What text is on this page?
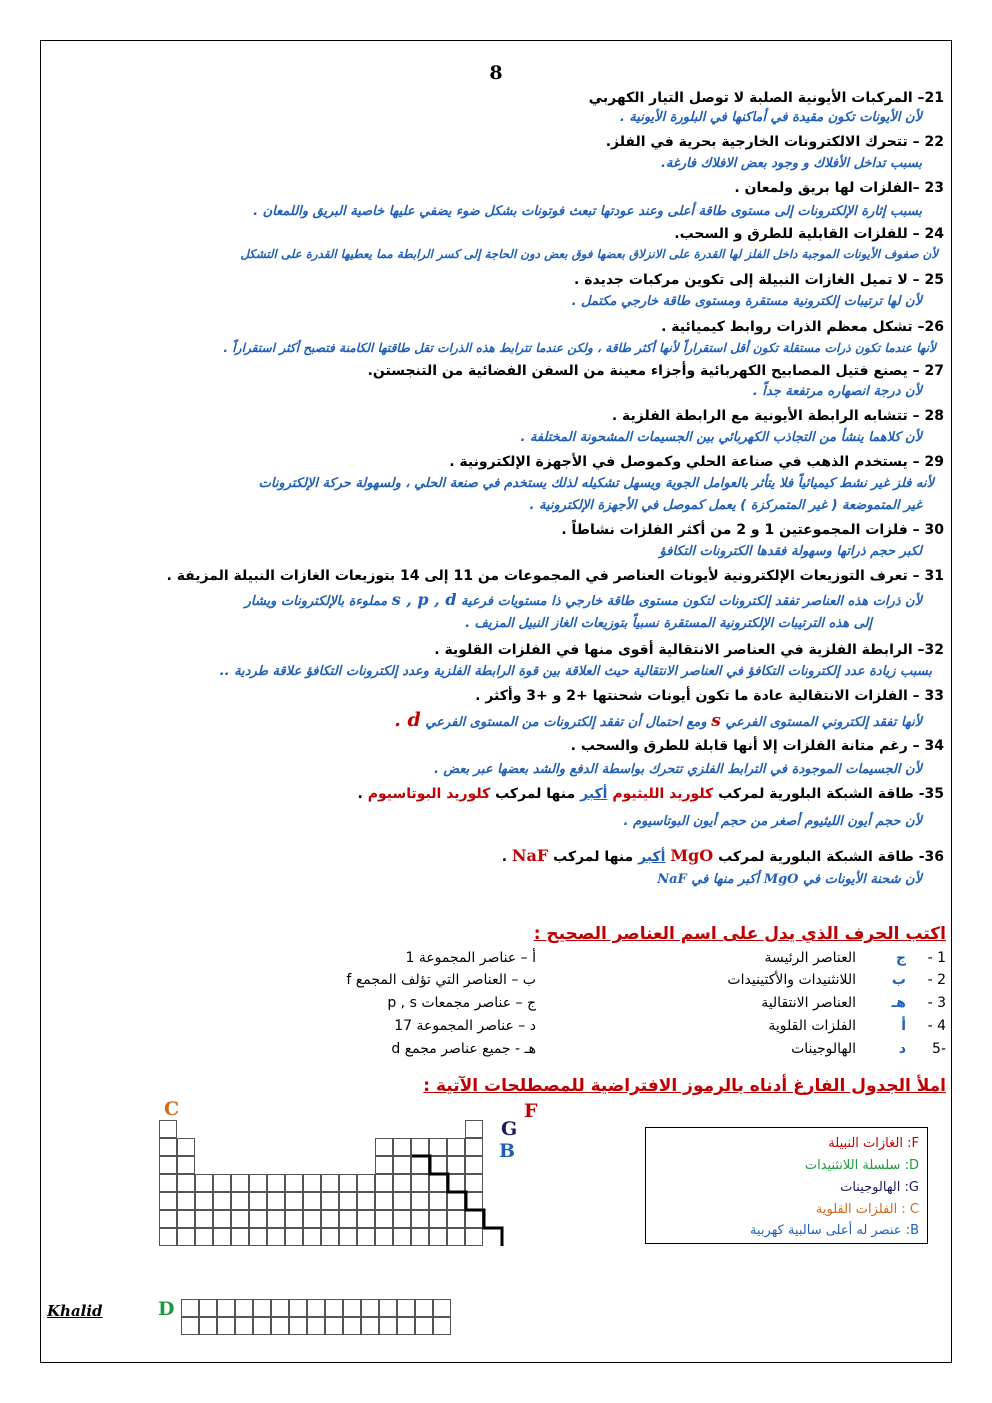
8
21– المركبات الأيونية الصلبة لا توصل التيار الكهربي
لأن الأيونات تكون مقيدة في أماكنها في البلورة الأيونية .
22 – تتحرك الالكترونات الخارجية بحرية في الفلز.
بسبب تداخل الأفلاك و وجود بعض الافلاك فارغة.
23 –الفلزات لها بريق ولمعان .
بسبب إثارة الإلكترونات إلى مستوى طاقة أعلى وعند عودتها تبعث فوتونات بشكل ضوء يضفي عليها خاصية البريق واللمعان .
24 – للفلزات القابلية للطرق و السحب.
لأن صفوف الأيونات الموجبة داخل الفلز لها القدرة على الانزلاق بعضها فوق بعض دون الحاجة إلى كسر الرابطة مما يعطيها القدرة على التشكل
25 – لا تميل الغازات النبيلة إلى تكوين مركبات جديدة .
لأن لها ترتيبات إلكترونية مستقرة ومستوى طاقة خارجي مكتمل .
26– تشكل معظم الذرات روابط كيميائية .
لأنها عندما تكون ذرات مستقلة تكون أقل استقراراً لأنها أكثر طاقة ، ولكن عندما تترابط هذه الذرات تقل طاقتها الكامنة فتصبح أكثر استقراراً .
27 – يصنع فتيل المصابيح الكهربائية وأجزاء معينة من السفن الفضائية من التنجستن.
لأن درجة انصهاره مرتفعة جداً .
28 – تتشابه الرابطة الأيونية مع الرابطة الفلزية .
لأن كلاهما ينشأ من التجاذب الكهربائي بين الجسيمات المشحونة المختلفة .
29 – يستخدم الذهب في صناعة الحلي وكموصل في الأجهزة الإلكترونية .
لأنه فلز غير نشط كيميائياً فلا يتأثر بالعوامل الجوية ويسهل تشكيله لذلك يستخدم في صنعة الحلي ، ولسهولة حركة الإلكترونات
غير المتموضعة ( غير المتمركزة ) يعمل كموصل في الأجهزة الإلكترونية .
30 – فلزات المجموعتين 1 و 2 من أكثر الفلزات نشاطاً .
لكبر حجم ذراتها وسهولة فقدها الكترونات التكافؤ
31 – تعرف التوزيعات الإلكترونية لأيونات العناصر في المجموعات من 11 إلى 14 بتوزيعات الغازات النبيلة المزيفة .
لأن ذرات هذه العناصر تفقد إلكترونات لتكون مستوى طاقة خارجي ذا مستويات فرعية s , p , d مملوءة بالإلكترونات ويشار
إلى هذه الترتيبات الإلكترونية المستقرة نسبياً بتوزيعات الغاز النبيل المزيف .
32– الرابطة الفلزية في العناصر الانتقالية أقوى منها في الفلزات القلوية .
بسبب زيادة عدد إلكترونات التكافؤ في العناصر الانتقالية حيث العلاقة بين قوة الرابطة الفلزية وعدد إلكترونات التكافؤ علاقة طردية ..
33 – الفلزات الانتقالية عادة ما تكون أيونات شحنتها +2 و +3 وأكثر .
لأنها تفقد إلكتروني المستوى الفرعي s ومع احتمال أن تفقد إلكترونات من المستوى الفرعي d .
34 – رغم متانة الفلزات إلا أنها قابلة للطرق والسحب .
لأن الجسيمات الموجودة في الترابط الفلزي تتحرك بواسطة الدفع والشد بعضها عبر بعض .
35- طاقة الشبكة البلورية لمركب كلوريد الليثيوم أكبر منها لمركب كلوريد البوتاسيوم .
لأن حجم أيون الليثيوم أصغر من حجم أيون البوتاسيوم .
36- طاقة الشبكة البلورية لمركب MgO أكبر منها لمركب NaF .
لأن شحنة الأيونات في MgO أكبر منها في NaF
اكتب الحرف الذي يدل على اسم العناصر الصحيح :
1 -
ج
العناصر الرئيسة
أ – عناصر المجموعة 1
2 -
ب
اللانثنيدات والأكتينيدات
ب – العناصر التي تؤلف المجمع f
3 -
هـ
العناصر الانتقالية
ج – عناصر مجمعات p , s
4 -
أ
الفلزات القلوية
د – عناصر المجموعة 17
-5
د
الهالوجينات
هـ - جميع عناصر مجمع d
املأ الجدول الفارغ أدناه بالرموز الافتراضية للمصطلحات الآتية :
C
G
F
B
D
F: الغازات النبيلة
D: سلسلة اللانثنيدات
G: الهالوجينات
C : الفلزات القلوية
B: عنصر له أعلى سالبية كهربية
Khalid
